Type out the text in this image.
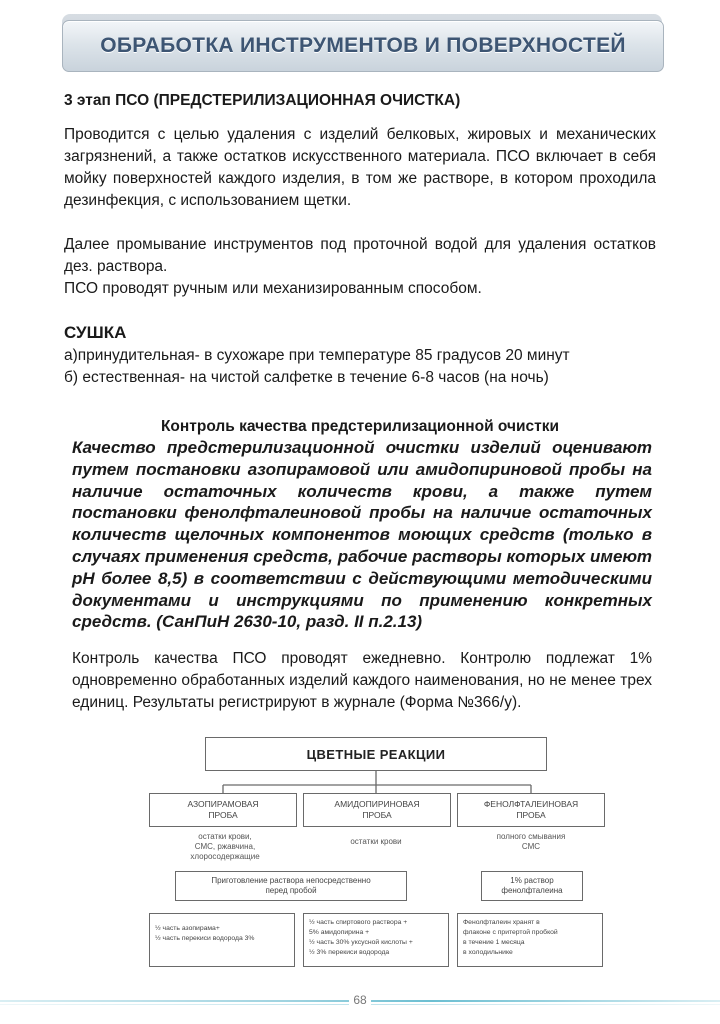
ОБРАБОТКА ИНСТРУМЕНТОВ И ПОВЕРХНОСТЕЙ
3 этап ПСО (ПРЕДСТЕРИЛИЗАЦИОННАЯ ОЧИСТКА)

Проводится с целью удаления с изделий белковых, жировых и механических загрязнений, а также остатков искусственного материала. ПСО включает в себя мойку поверхностей каждого изделия, в том же растворе, в котором проходила дезинфекция, с использованием щетки.

Далее промывание инструментов под проточной водой для удаления остатков дез. раствора.

ПСО проводят ручным или механизированным способом.

СУШКА

а)принудительная- в сухожаре при температуре 85 градусов 20 минут

б) естественная- на чистой салфетке в течение 6-8 часов (на ночь)

Контроль качества предстерилизационной очистки

Качество предстерилизационной очистки изделий оценивают путем постановки азопирамовой или амидопириновой пробы на наличие остаточных количеств крови, а также путем постановки фенолфталеиновой пробы на наличие остаточных количеств щелочных компонентов моющих средств (только в случаях применения средств, рабочие растворы которых имеют pH более 8,5) в соответствии с действующими методическими документами и инструкциями по применению конкретных средств. (СанПиН 2630-10, разд. II п.2.13)

Контроль качества ПСО проводят ежедневно. Контролю подлежат 1% одновременно обработанных изделий каждого наименования, но не менее трех единиц. Результаты регистрируют в журнале (Форма №366/у).

ЦВЕТНЫЕ РЕАКЦИИ
АЗОПИРАМОВАЯ
ПРОБА
АМИДОПИРИНОВАЯ
ПРОБА
ФЕНОЛФТАЛЕИНОВАЯ
ПРОБА
остатки крови,
СМС, ржавчина,
хлоросодержащие
остатки крови
полного смывания
СМС
Приготовление раствора непосредственно
перед пробой
1% раствор
фенолфталеина
½ часть азопирама+
½ часть перекиси водорода 3%
½ часть спиртового раствора +
5% амидопирина +
½ часть 30% уксусной кислоты +
½ 3% перекиси водорода
Фенолфталеин хранят в
флаконе с притертой пробкой
в течение 1 месяца
в холодильнике
68
